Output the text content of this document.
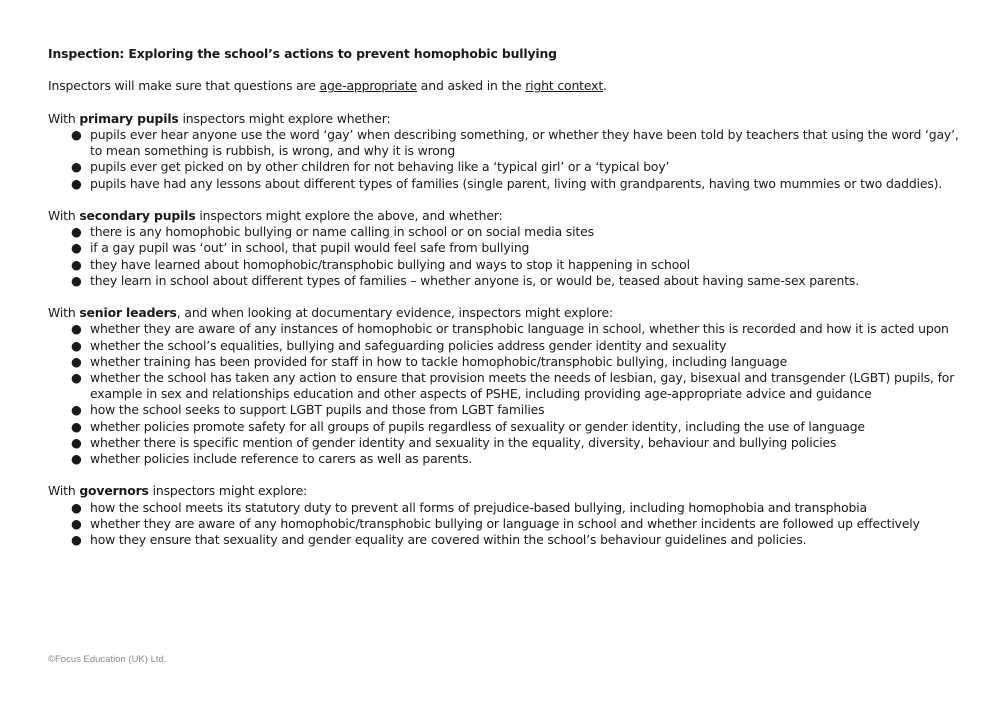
Inspection: Exploring the school’s actions to prevent homophobic bullying

Inspectors will make sure that questions are age-appropriate and asked in the right context.

With primary pupils inspectors might explore whether:

● pupils ever hear anyone use the word ‘gay’ when describing something, or whether they have been told by teachers that using the word ‘gay’, to mean something is rubbish, is wrong, and why it is wrong
● pupils ever get picked on by other children for not behaving like a ‘typical girl’ or a ‘typical boy’
● pupils have had any lessons about different types of families (single parent, living with grandparents, having two mummies or two daddies).

With secondary pupils inspectors might explore the above, and whether:

● there is any homophobic bullying or name calling in school or on social media sites
● if a gay pupil was ‘out’ in school, that pupil would feel safe from bullying
● they have learned about homophobic/transphobic bullying and ways to stop it happening in school
● they learn in school about different types of families – whether anyone is, or would be, teased about having same-sex parents.

With senior leaders, and when looking at documentary evidence, inspectors might explore:

● whether they are aware of any instances of homophobic or transphobic language in school, whether this is recorded and how it is acted upon
● whether the school’s equalities, bullying and safeguarding policies address gender identity and sexuality
● whether training has been provided for staff in how to tackle homophobic/transphobic bullying, including language
● whether the school has taken any action to ensure that provision meets the needs of lesbian, gay, bisexual and transgender (LGBT) pupils, for example in sex and relationships education and other aspects of PSHE, including providing age-appropriate advice and guidance
● how the school seeks to support LGBT pupils and those from LGBT families
● whether policies promote safety for all groups of pupils regardless of sexuality or gender identity, including the use of language
● whether there is specific mention of gender identity and sexuality in the equality, diversity, behaviour and bullying policies
● whether policies include reference to carers as well as parents.

With governors inspectors might explore:

● how the school meets its statutory duty to prevent all forms of prejudice-based bullying, including homophobia and transphobia
● whether they are aware of any homophobic/transphobic bullying or language in school and whether incidents are followed up effectively
● how they ensure that sexuality and gender equality are covered within the school’s behaviour guidelines and policies.
©Focus Education (UK) Ltd.
